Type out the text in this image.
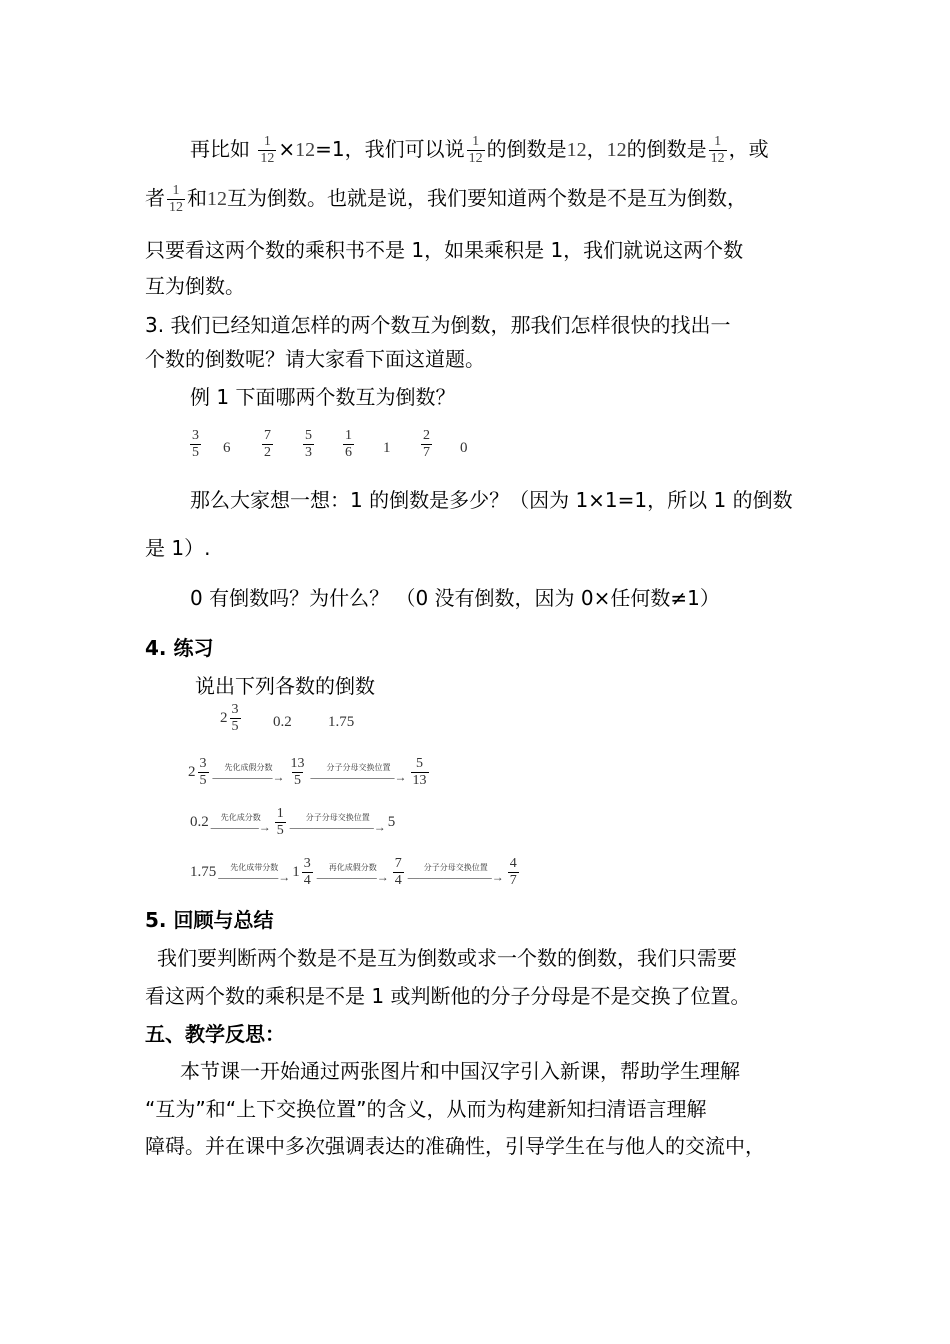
再比如 $\frac{1}{12} \times 12=1$，我们可以说 $\frac{1}{12}$ 的倒数是12，12的倒数是 $\frac{1}{12}$ ，或
者 $\frac{1}{12}$ 和12互为倒数。也就是说，我们要知道两个数是不是互为倒数，
只要看这两个数的乘积书不是 1，如果乘积是 1，我们就说这两个数
互为倒数。
3. 我们已经知道怎样的两个数互为倒数，那我们怎样很快的找出一
个数的倒数呢？请大家看下面这道题。
例 1 下面哪两个数互为倒数？
$\frac{3}{5} 6 \frac{7}{2} \frac{5}{3} \frac{1}{6} 1 \frac{2}{7} 0$
那么大家想一想：1 的倒数是多少？（因为 1×1=1，所以 1 的倒数
是 1）.
0 有倒数吗？为什么？ （0 没有倒数，因为 0×任何数≠1）
4. 练习
说出下列各数的倒数
$2 \frac{3}{5} 0.2$ 1.75
$2 \frac{3}{5}$ 先化成假分数
—————→ $\frac{13}{5}$	分子分母交换位置
———————→ $\frac{5}{13}$
0.2 先化成分数
————→ $\frac{1}{5}$	分子分母交换位置
———————→ 5
1.75 先化成带分数
—————→ $1 \frac{3}{4}$ 再化成假分数
—————→ $\frac{7}{4}$	分子分母交换位置
———————→ $\frac{4}{7}$
5. 回顾与总结
我们要判断两个数是不是互为倒数或求一个数的倒数，我们只需要
看这两个数的乘积是不是 1 或判断他的分子分母是不是交换了位置。
五、教学反思：
本节课一开始通过两张图片和中国汉字引入新课，帮助学生理解
“互为”和“上下交换位置”的含义，从而为构建新知扫清语言理解
障碍。并在课中多次强调表达的准确性，引导学生在与他人的交流中，
